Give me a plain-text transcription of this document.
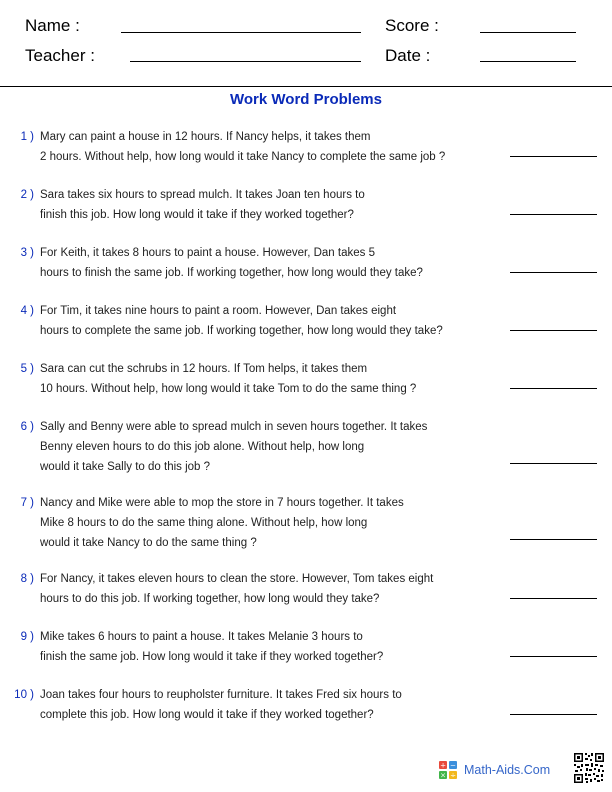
Name :
Teacher :
Score :
Date :
Work Word Problems
1 ) Mary can paint a house in 12 hours. If Nancy helps, it takes them
2 hours. Without help, how long would it take Nancy to complete the same job ?
2 ) Sara takes six hours to spread mulch. It takes Joan ten hours to
finish this job. How long would it take if they worked together?
3 ) For Keith, it takes 8 hours to paint a house. However, Dan takes 5
hours to finish the same job. If working together, how long would they take?
4 ) For Tim, it takes nine hours to paint a room. However, Dan takes eight
hours to complete the same job. If working together, how long would they take?
5 ) Sara can cut the schrubs in 12 hours. If Tom helps, it takes them
10 hours. Without help, how long would it take Tom to do the same thing ?
6 ) Sally and Benny were able to spread mulch in seven hours together. It takes
Benny eleven hours to do this job alone. Without help, how long
would it take Sally to do this job ?
7 ) Nancy and Mike were able to mop the store in 7 hours together. It takes
Mike 8 hours to do the same thing alone. Without help, how long
would it take Nancy to do the same thing ?
8 ) For Nancy, it takes eleven hours to clean the store. However, Tom takes eight
hours to do this job. If working together, how long would they take?
9 ) Mike takes 6 hours to paint a house. It takes Melanie 3 hours to
finish the same job. How long would it take if they worked together?
10 ) Joan takes four hours to reupholster furniture. It takes Fred six hours to
complete this job. How long would it take if they worked together?
+ −
× ÷ Math-Aids.Com
